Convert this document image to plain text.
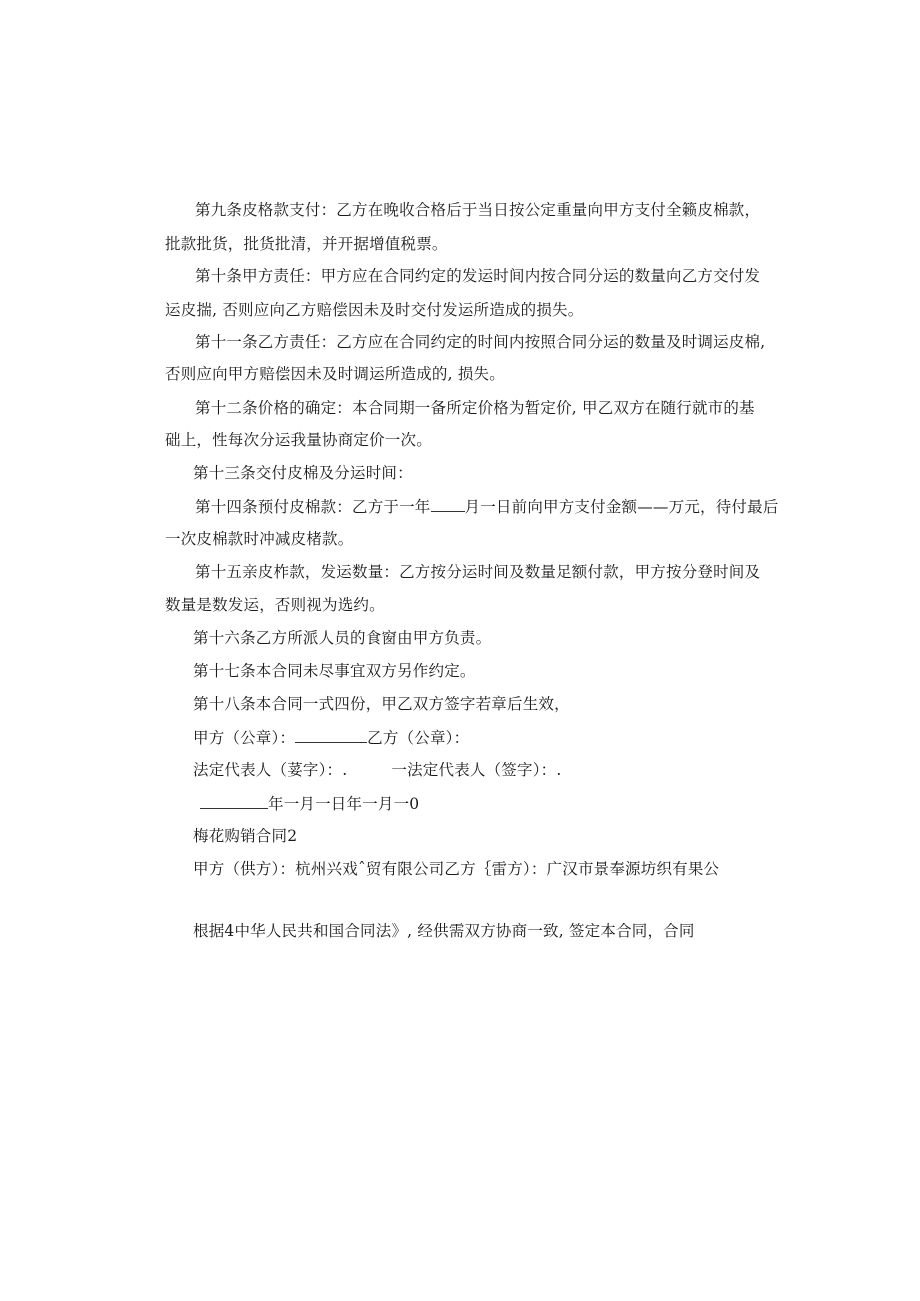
第九条皮格款支付：乙方在晚收合格后于当日按公定重量向甲方支付全籁皮棉款，
批款批货，批货批清，并开据增值税票。
第十条甲方责任：甲方应在合同约定的发运时间内按合同分运的数量向乙方交付发
运皮揣, 否则应向乙方赔偿因未及时交付发运所造成的损失。
第十一条乙方责任：乙方应在合同约定的时间内按照合同分运的数量及时调运皮棉,
否则应向甲方赔偿因未及时调运所造成的, 损失。
第十二条价格的确定：本合同期一备所定价格为暂定价, 甲乙双方在随行就市的基
础上，性每次分运我量协商定价一次。
第十三条交付皮棉及分运时间：
第十四条预付皮棉款：乙方于一年 月一日前向甲方支付金额——万元，待付最后
一次皮棉款时冲减皮楮款。
第十五亲皮柞款，发运数量：乙方按分运时间及数量足额付款，甲方按分登时间及
数量是数发运，否则视为选约。
第十六条乙方所派人员的食窗由甲方负责。
第十七条本合同未尽事宜双方另作约定。
第十八条本合同一式四份，甲乙双方签字若章后生效，
甲方（公章）：	乙方（公章）：
法定代表人（荽字）：.	一法定代表人（签字）：.
年一月一日年一月一0
梅花购销合同2
甲方（供方）：杭州兴戏ˆ贸有限公司乙方｛雷方）：广汉市景奉源坊织有果公
根据4中华人民共和国合同法》, 经供需双方协商一致, 签定本合同，合同
